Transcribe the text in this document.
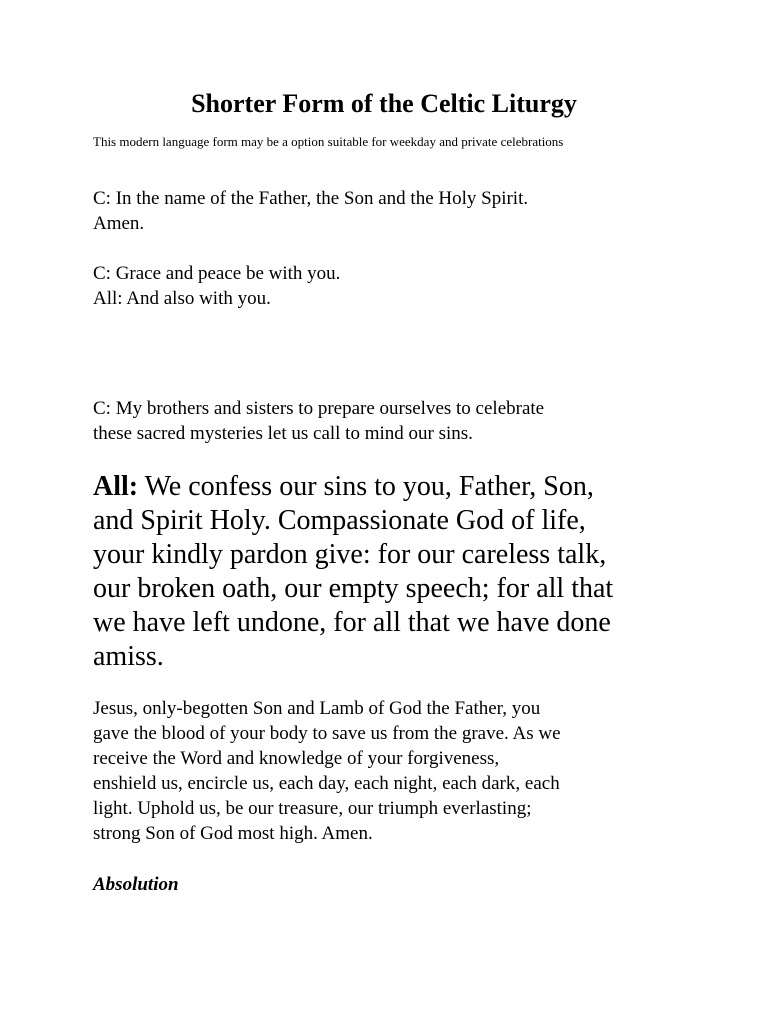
Shorter Form of the Celtic Liturgy
This modern language form may be a option suitable for weekday and private celebrations
C: In the name of the Father, the Son and the Holy Spirit.
Amen.
C: Grace and peace be with you.
All: And also with you.
C: My brothers and sisters to prepare ourselves to celebrate
these sacred mysteries let us call to mind our sins.
All: We confess our sins to you, Father, Son,
and Spirit Holy. Compassionate God of life,
your kindly pardon give: for our careless talk,
our broken oath, our empty speech; for all that
we have left undone, for all that we have done
amiss.
Jesus, only-begotten Son and Lamb of God the Father, you
gave the blood of your body to save us from the grave. As we
receive the Word and knowledge of your forgiveness,
enshield us, encircle us, each day, each night, each dark, each
light. Uphold us, be our treasure, our triumph everlasting;
strong Son of God most high. Amen.
Absolution
